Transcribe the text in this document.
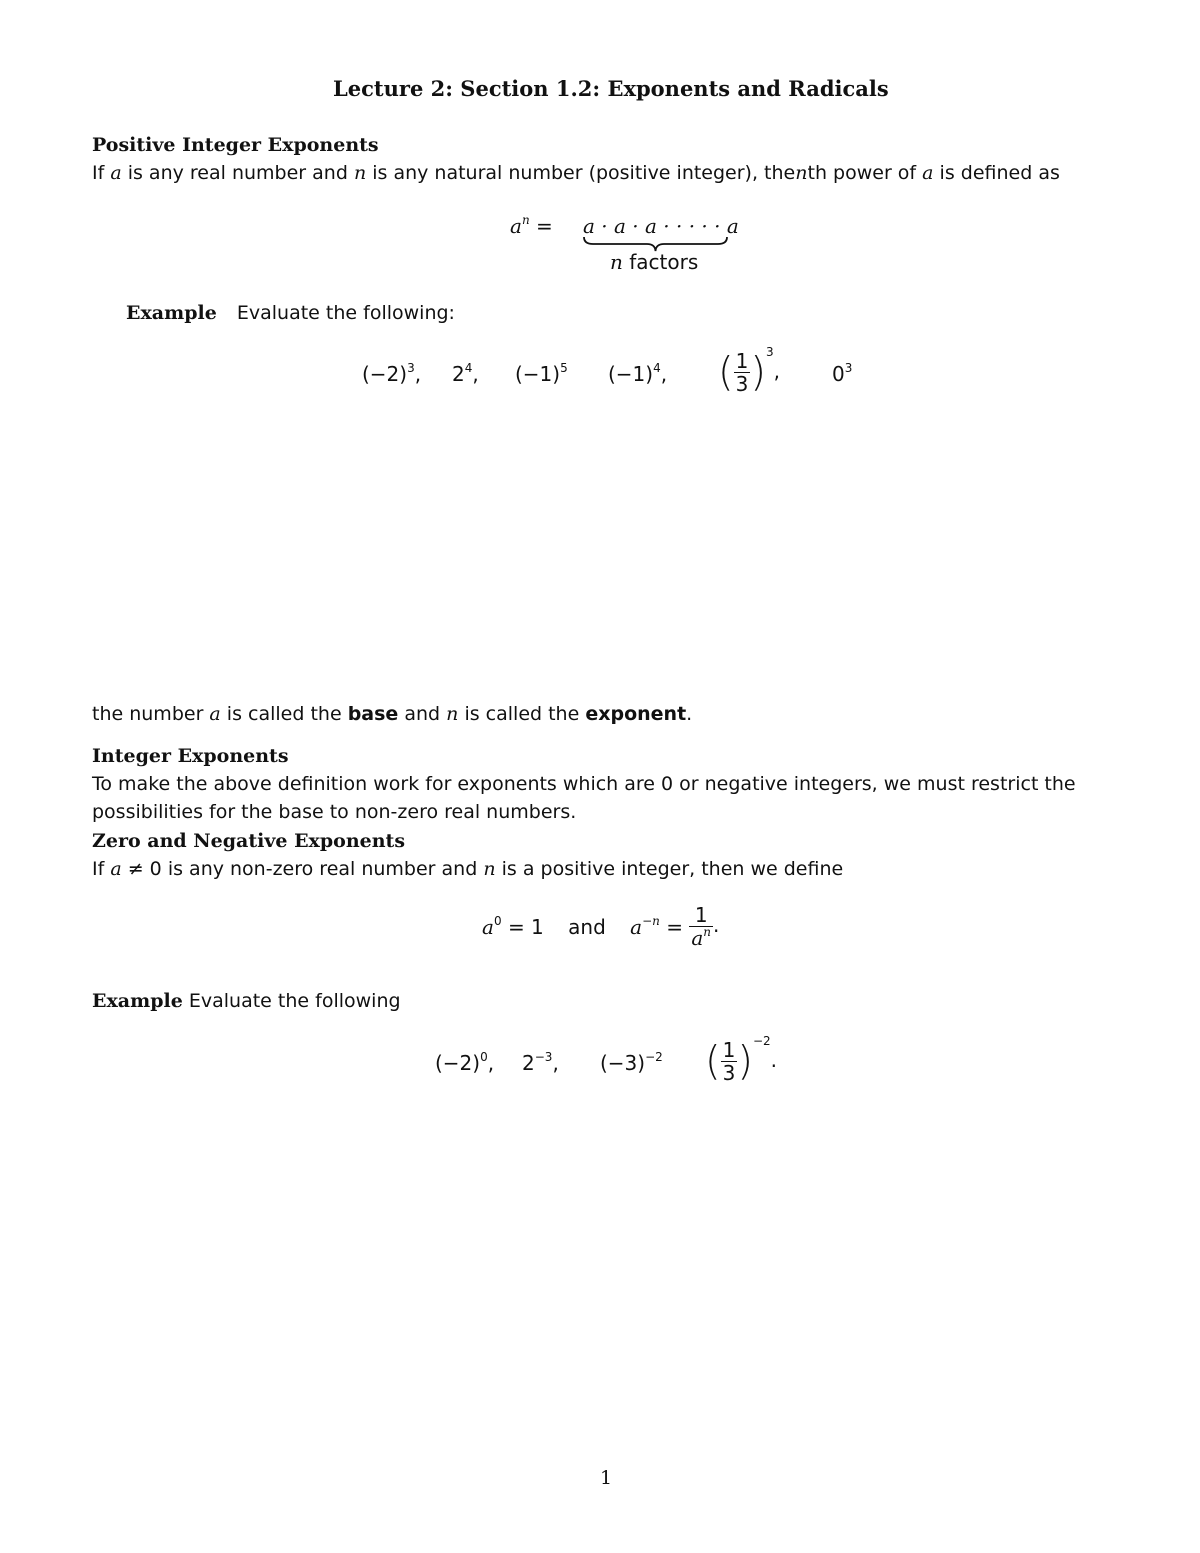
Lecture 2: Section 1.2: Exponents and Radicals
Positive Integer Exponents
If a is any real number and n is any natural number (positive integer), thenth power of a is defined as
$a^n = a \cdot a \cdot a$ · · · · · a
n factors
Example Evaluate the following:
$(-2)^3$, $2^4$, $(-1)^5$ $(-1)^4$, ( $\frac{1}{3} )^3$,	$0^3$
the number a is called the base and n is called the exponent.
Integer Exponents
To make the above definition work for exponents which are 0 or negative integers, we must restrict the
possibilities for the base to non-zero real numbers.
Zero and Negative Exponents
If a ≠ 0 is any non-zero real number and n is a positive integer, then we define
$a^0 = 1$ and $a^{-n} = \frac{1}{a^n}$ .
Example Evaluate the following
$(-2)^0$, $2^{-3}$, $(-3)^{-2}$ ( $\frac{1}{3} )^{-2}$.
1
